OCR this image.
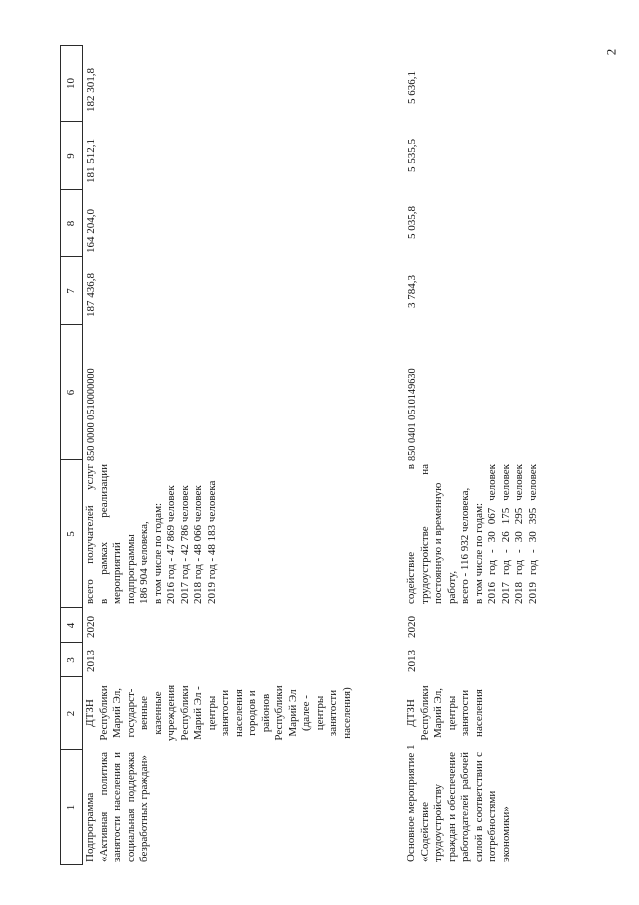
2
1
2
3
4
5
6
7
8
9
10
Подпрограмма «Активная политика занятости населения и социальная поддержка безработных граждан»
ДТЗН Республики Марий Эл, государст- венные казенные учреждения Республики Марий Эл - центры занятости населения городов и районов Республики Марий Эл (далее - центры занятости населения)
2013
2020
всего получателей услуг в рамках реализации мероприятий подпрограммы 186 904 человека, в том числе по годам: 2016 год - 47 869 человек 2017 год - 42 786 человек 2018 год - 48 066 человек 2019 год - 48 183 человека
850 0000 0510000000
187 436,8
164 204,0
181 512,1
182 301,8
Основное мероприятие 1 «Содействие трудоустройству граждан и обеспечение работодателей рабочей силой в соответствии с потребностями экономики»
ДТЗН Республики Марий Эл, центры занятости населения
2013
2020
содействие в трудоустройстве на постоянную и временную работу, всего - 116 932 человека, в том числе по годам: 2016 год - 30 067 человек 2017 год - 26 175 человек 2018 год - 30 295 человек 2019 год - 30 395 человек
850 0401 0510149630
3 784,3
5 035,8
5 535,5
5 636,1
